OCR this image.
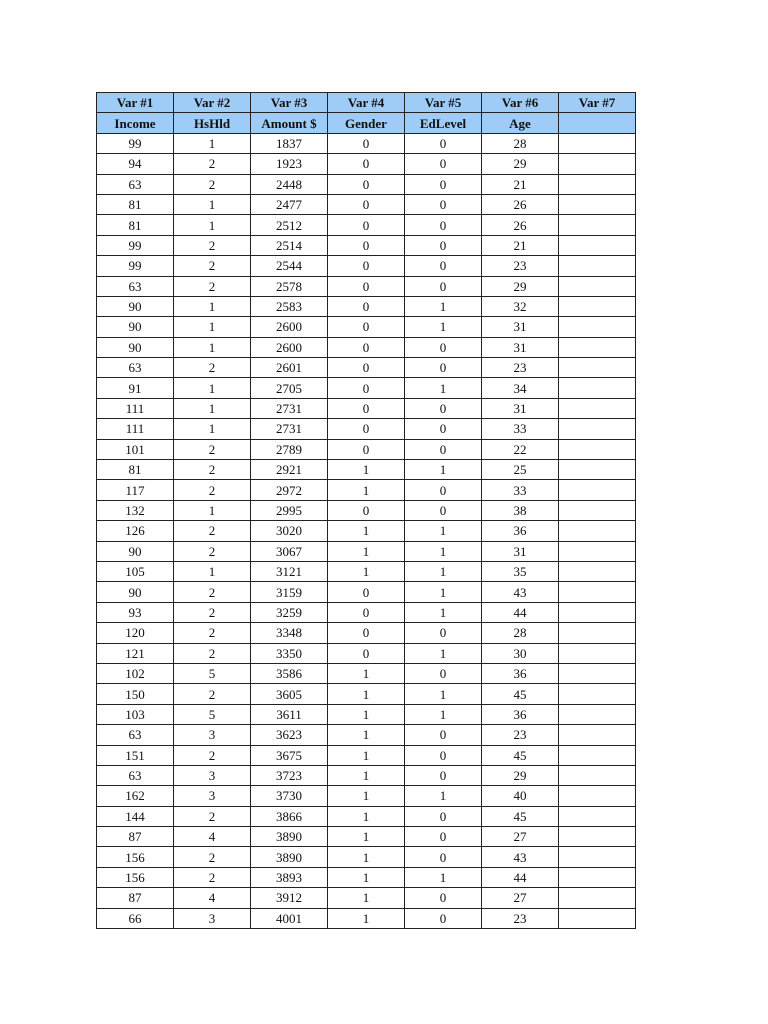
Var #1	Var #2	Var #3	Var #4	Var #5	Var #6	Var #7
Income	HsHld	Amount $	Gender	EdLevel	Age	
99	1	1837	0	0	28	
94	2	1923	0	0	29	
63	2	2448	0	0	21	
81	1	2477	0	0	26	
81	1	2512	0	0	26	
99	2	2514	0	0	21	
99	2	2544	0	0	23	
63	2	2578	0	0	29	
90	1	2583	0	1	32	
90	1	2600	0	1	31	
90	1	2600	0	0	31	
63	2	2601	0	0	23	
91	1	2705	0	1	34	
111	1	2731	0	0	31	
111	1	2731	0	0	33	
101	2	2789	0	0	22	
81	2	2921	1	1	25	
117	2	2972	1	0	33	
132	1	2995	0	0	38	
126	2	3020	1	1	36	
90	2	3067	1	1	31	
105	1	3121	1	1	35	
90	2	3159	0	1	43	
93	2	3259	0	1	44	
120	2	3348	0	0	28	
121	2	3350	0	1	30	
102	5	3586	1	0	36	
150	2	3605	1	1	45	
103	5	3611	1	1	36	
63	3	3623	1	0	23	
151	2	3675	1	0	45	
63	3	3723	1	0	29	
162	3	3730	1	1	40	
144	2	3866	1	0	45	
87	4	3890	1	0	27	
156	2	3890	1	0	43	
156	2	3893	1	1	44	
87	4	3912	1	0	27	
66	3	4001	1	0	23	
